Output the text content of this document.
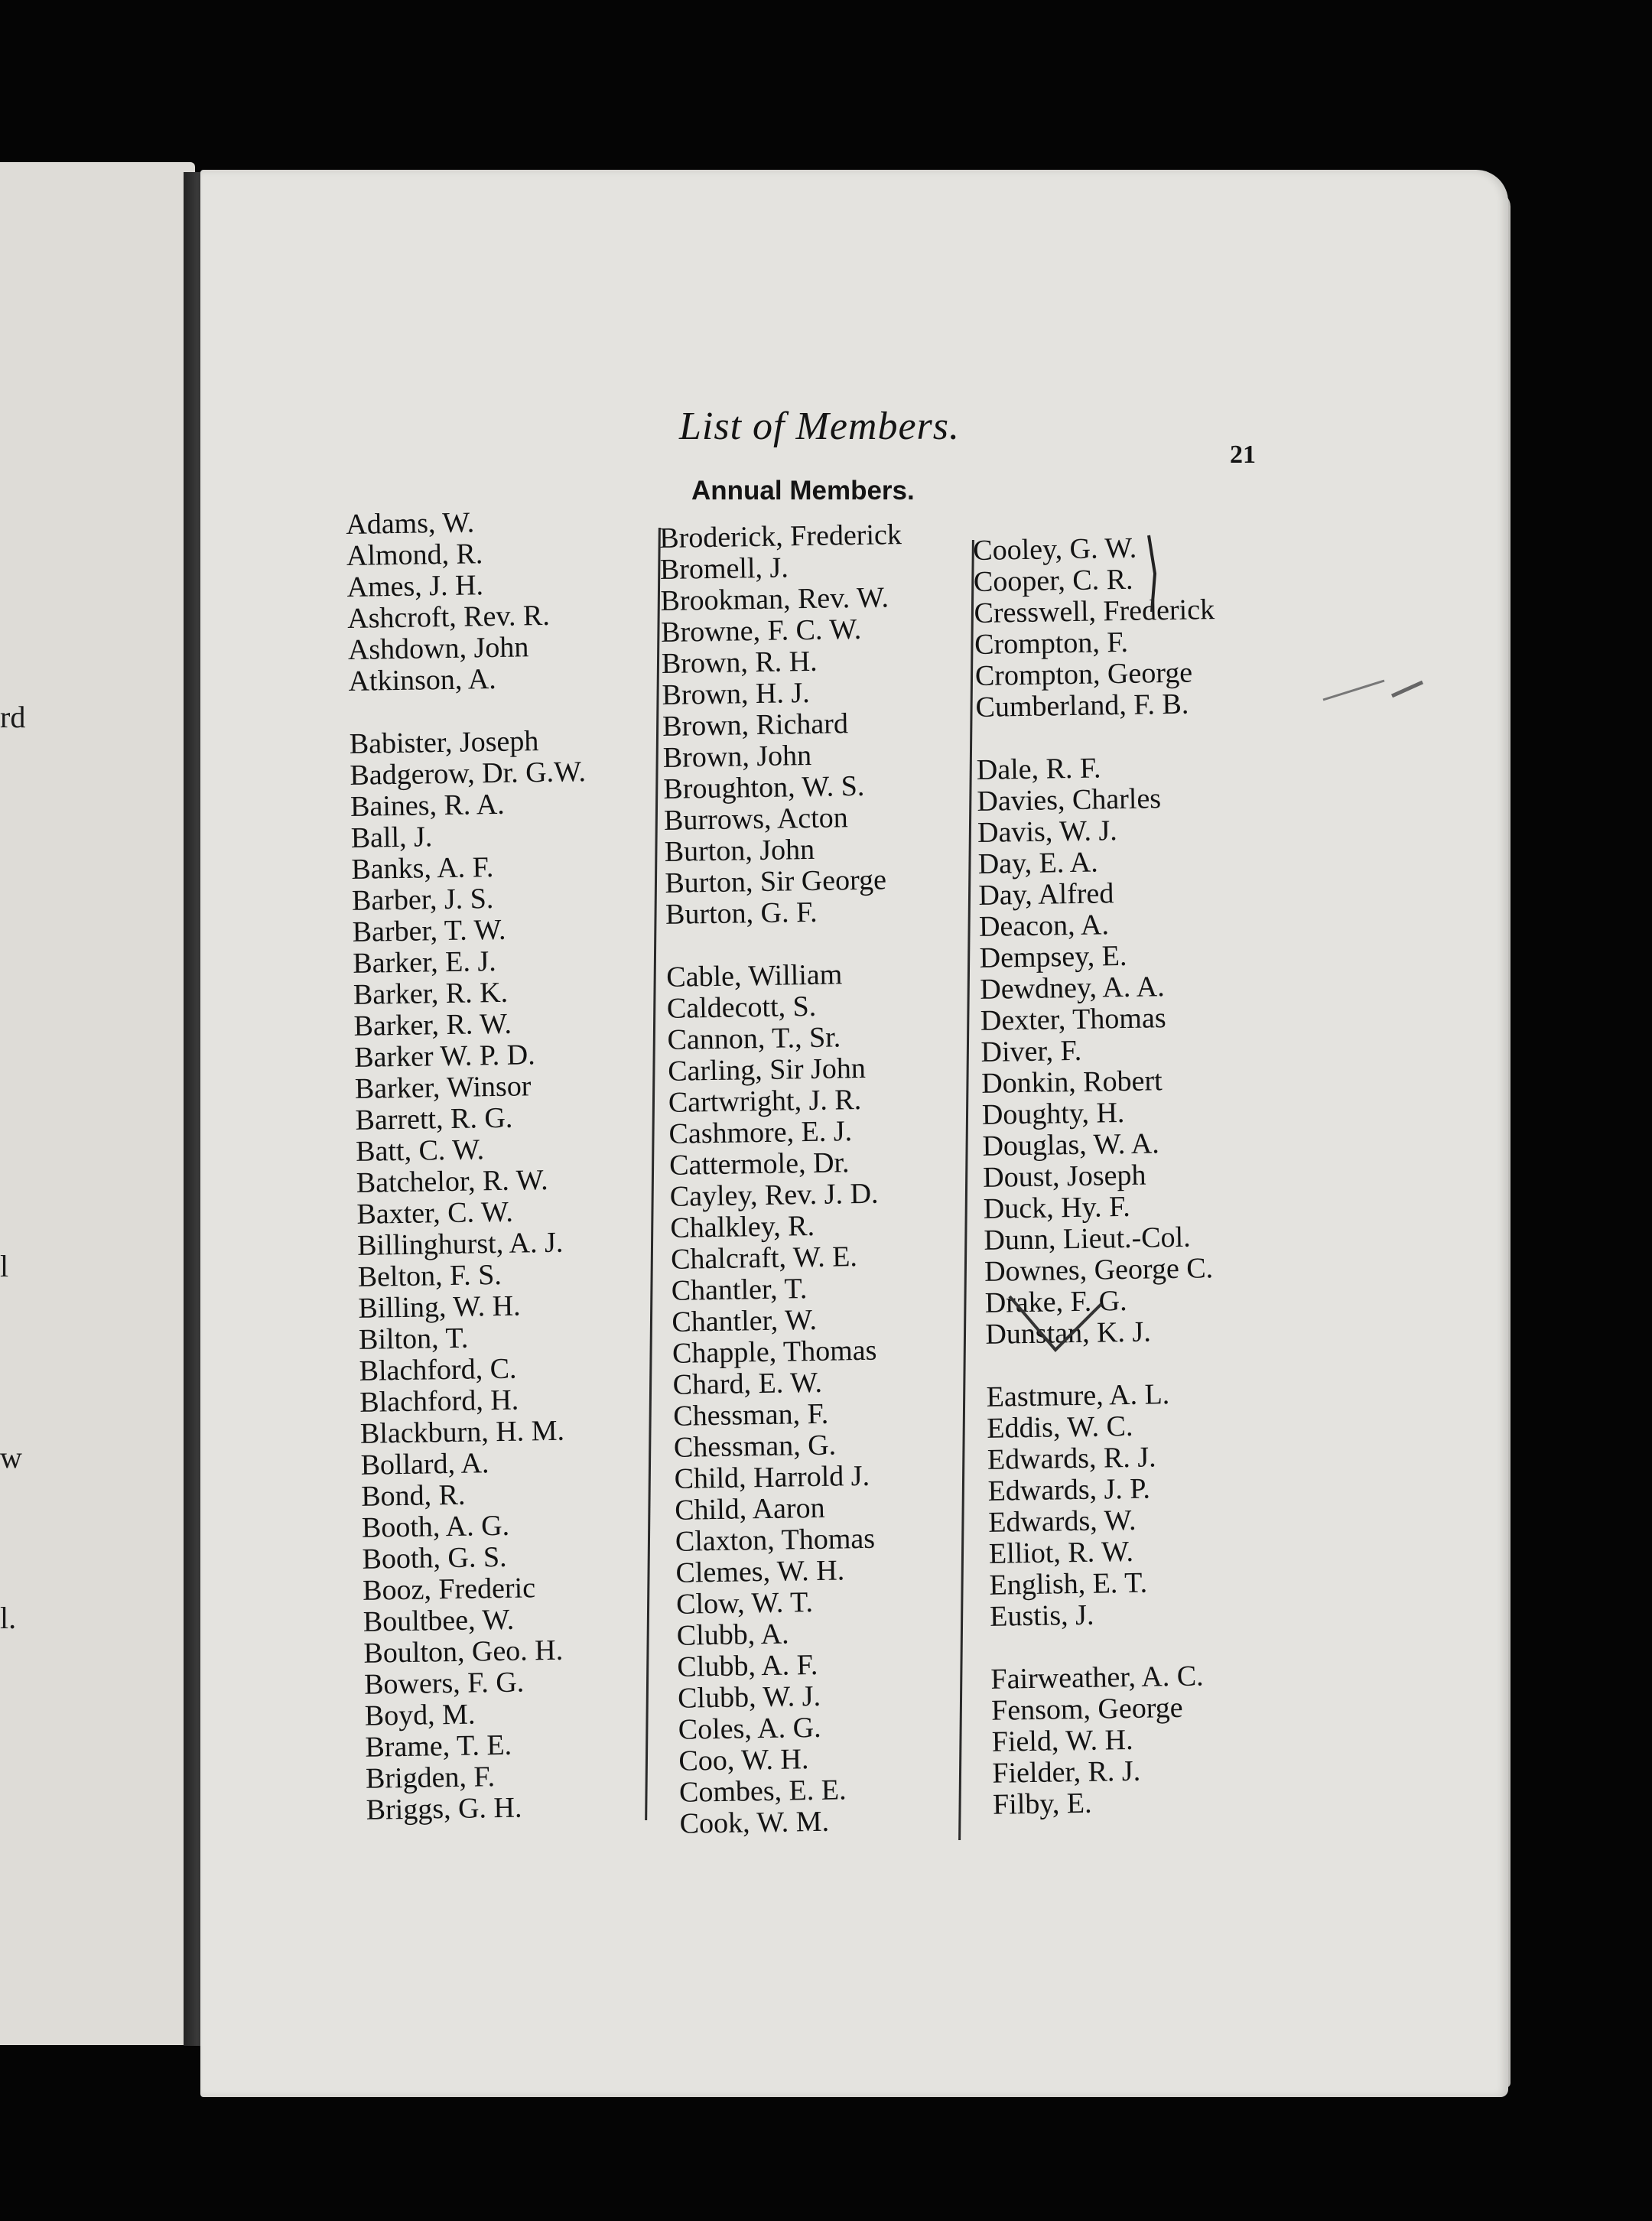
rd
l
w
l.
List of Members.
21
Annual Members.
Adams, W.
Almond, R.
Ames, J. H.
Ashcroft, Rev. R.
Ashdown, John
Atkinson, A.
Babister, Joseph
Badgerow, Dr. G.W.
Baines, R. A.
Ball, J.
Banks, A. F.
Barber, J. S.
Barber, T. W.
Barker, E. J.
Barker, R. K.
Barker, R. W.
Barker W. P. D.
Barker, Winsor
Barrett, R. G.
Batt, C. W.
Batchelor, R. W.
Baxter, C. W.
Billinghurst, A. J.
Belton, F. S.
Billing, W. H.
Bilton, T.
Blachford, C.
Blachford, H.
Blackburn, H. M.
Bollard, A.
Bond, R.
Booth, A. G.
Booth, G. S.
Booz, Frederic
Boultbee, W.
Boulton, Geo. H.
Bowers, F. G.
Boyd, M.
Brame, T. E.
Brigden, F.
Briggs, G. H.
Broderick, Frederick
Bromell, J.
Brookman, Rev. W.
Browne, F. C. W.
Brown, R. H.
Brown, H. J.
Brown, Richard
Brown, John
Broughton, W. S.
Burrows, Acton
Burton, John
Burton, Sir George
Burton, G. F.
Cable, William
Caldecott, S.
Cannon, T., Sr.
Carling, Sir John
Cartwright, J. R.
Cashmore, E. J.
Cattermole, Dr.
Cayley, Rev. J. D.
Chalkley, R.
Chalcraft, W. E.
Chantler, T.
Chantler, W.
Chapple, Thomas
Chard, E. W.
Chessman, F.
Chessman, G.
Child, Harrold J.
Child, Aaron
Claxton, Thomas
Clemes, W. H.
Clow, W. T.
Clubb, A.
Clubb, A. F.
Clubb, W. J.
Coles, A. G.
Coo, W. H.
Combes, E. E.
Cook, W. M.
Cooley, G. W.
Cooper, C. R.
Cresswell, Frederick
Crompton, F.
Crompton, George
Cumberland, F. B.
Dale, R. F.
Davies, Charles
Davis, W. J.
Day, E. A.
Day, Alfred
Deacon, A.
Dempsey, E.
Dewdney, A. A.
Dexter, Thomas
Diver, F.
Donkin, Robert
Doughty, H.
Douglas, W. A.
Doust, Joseph
Duck, Hy. F.
Dunn, Lieut.-Col.
Downes, George C.
Drake, F. G.
Dunstan, K. J.
Eastmure, A. L.
Eddis, W. C.
Edwards, R. J.
Edwards, J. P.
Edwards, W.
Elliot, R. W.
English, E. T.
Eustis, J.
Fairweather, A. C.
Fensom, George
Field, W. H.
Fielder, R. J.
Filby, E.
